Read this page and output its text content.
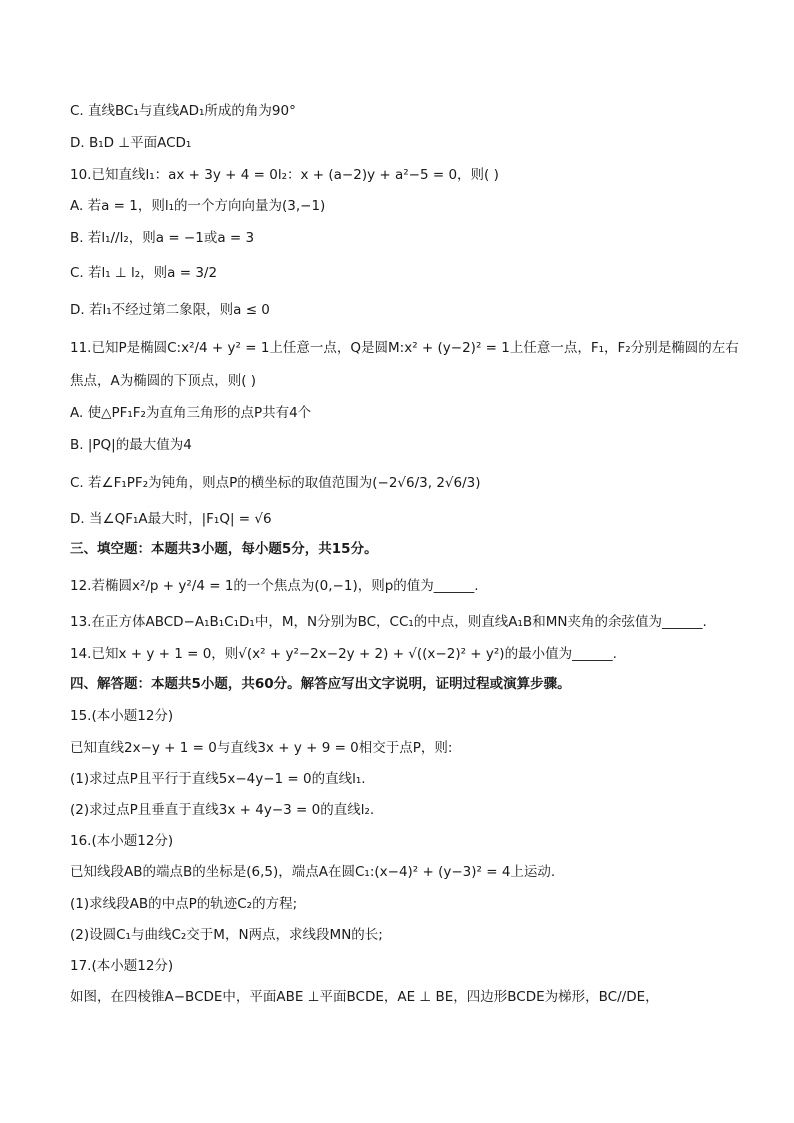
C. 直线BC₁与直线AD₁所成的角为90°
D. B₁D ⊥平面ACD₁
10.已知直线l₁：ax + 3y + 4 = 0l₂：x + (a−2)y + a²−5 = 0，则( )
A. 若a = 1，则l₁的一个方向向量为(3,−1)
B. 若l₁//l₂，则a = −1或a = 3
C. 若l₁ ⊥ l₂，则a = 3/2
D. 若l₁不经过第二象限，则a ≤ 0
11.已知P是椭圆C:x²/4 + y² = 1上任意一点，Q是圆M:x² + (y−2)² = 1上任意一点，F₁，F₂分别是椭圆的左右
焦点，A为椭圆的下顶点，则( )
A. 使△PF₁F₂为直角三角形的点P共有4个
B. |PQ|的最大值为4
C. 若∠F₁PF₂为钝角，则点P的横坐标的取值范围为(−2√6/3, 2√6/3)
D. 当∠QF₁A最大时，|F₁Q| = √6
三、填空题：本题共3小题，每小题5分，共15分。
12.若椭圆x²/p + y²/4 = 1的一个焦点为(0,−1)，则p的值为______.
13.在正方体ABCD−A₁B₁C₁D₁中，M，N分别为BC，CC₁的中点，则直线A₁B和MN夹角的余弦值为______.
14.已知x + y + 1 = 0，则√(x² + y²−2x−2y + 2) + √((x−2)² + y²)的最小值为______.
四、解答题：本题共5小题，共60分。解答应写出文字说明，证明过程或演算步骤。
15.(本小题12分)
已知直线2x−y + 1 = 0与直线3x + y + 9 = 0相交于点P，则:
(1)求过点P且平行于直线5x−4y−1 = 0的直线l₁.
(2)求过点P且垂直于直线3x + 4y−3 = 0的直线l₂.
16.(本小题12分)
已知线段AB的端点B的坐标是(6,5)，端点A在圆C₁:(x−4)² + (y−3)² = 4上运动.
(1)求线段AB的中点P的轨迹C₂的方程;
(2)设圆C₁与曲线C₂交于M，N两点，求线段MN的长;
17.(本小题12分)
如图，在四棱锥A−BCDE中，平面ABE ⊥平面BCDE，AE ⊥ BE，四边形BCDE为梯形，BC//DE，
